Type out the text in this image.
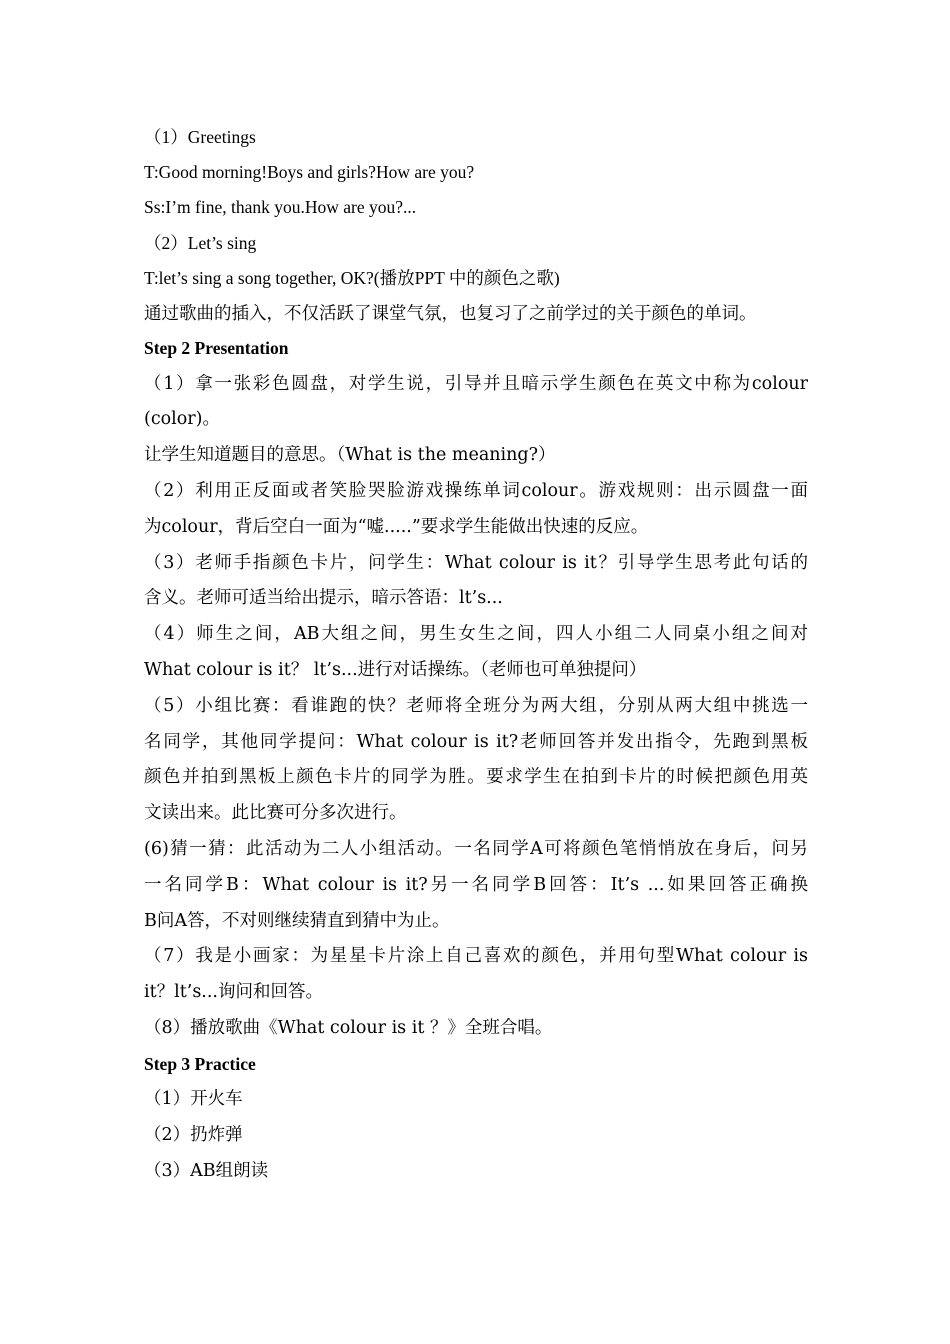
（1）Greetings
T:Good morning!Boys and girls?How are you?
Ss:I’m fine, thank you.How are you?...
（2）Let’s sing
T:let’s sing a song together, OK?(播放PPT 中的颜色之歌)
通过歌曲的插入，不仅活跃了课堂气氛，也复习了之前学过的关于颜色的单词。
Step 2 Presentation
（1）拿一张彩色圆盘，对学生说，引导并且暗示学生颜色在英文中称为colour
(color)。
让学生知道题目的意思。（What is the meaning?）
（2）利用正反面或者笑脸哭脸游戏操练单词colour。游戏规则：出示圆盘一面
为colour，背后空白一面为“嘘.....”要求学生能做出快速的反应。
（3）老师手指颜色卡片，问学生：What colour is it？引导学生思考此句话的
含义。老师可适当给出提示，暗示答语：lt’s...
（4）师生之间，AB大组之间，男生女生之间，四人小组二人同桌小组之间对
What colour is it？ lt’s...进行对话操练。（老师也可单独提问）
（5）小组比赛：看谁跑的快？老师将全班分为两大组，分别从两大组中挑选一
名同学，其他同学提问：What colour is it?老师回答并发出指令，先跑到黑板
颜色并拍到黑板上颜色卡片的同学为胜。要求学生在拍到卡片的时候把颜色用英
文读出来。此比赛可分多次进行。
(6)猜一猜：此活动为二人小组活动。一名同学A可将颜色笔悄悄放在身后，问另
一名同学B：What colour is it?另一名同学B回答：It’s ...如果回答正确换
B问A答，不对则继续猜直到猜中为止。
（7）我是小画家：为星星卡片涂上自己喜欢的颜色，并用句型What colour is
it？lt’s...询问和回答。
（8）播放歌曲《What colour is it ？》全班合唱。
Step 3 Practice
（1）开火车
（2）扔炸弹
（3）AB组朗读
